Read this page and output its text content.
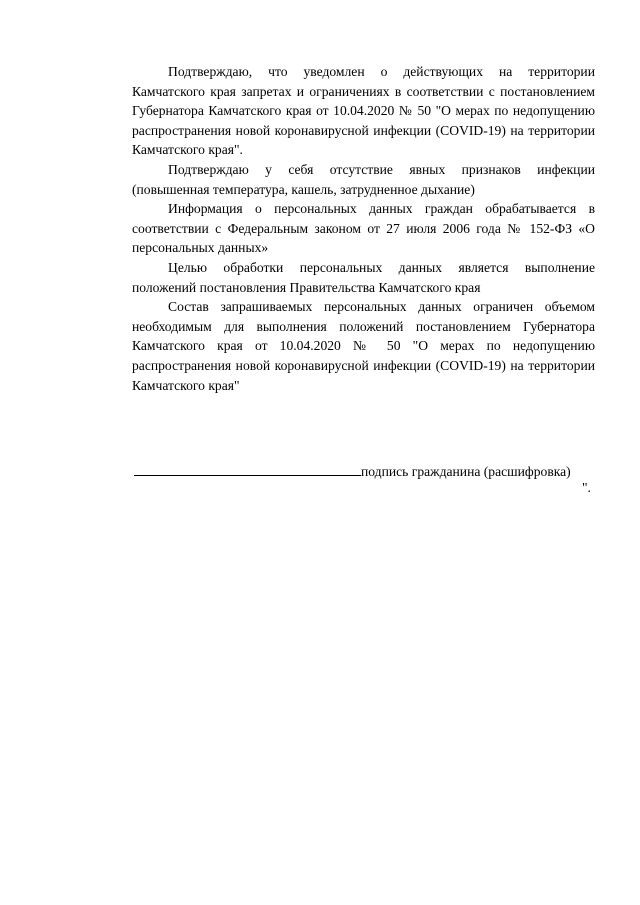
Подтверждаю, что уведомлен о действующих на территории Камчатского края запретах и ограничениях в соответствии с постановлением Губернатора Камчатского края от 10.04.2020 № 50 "О мерах по недопущению распространения новой коронавирусной инфекции (COVID-19) на территории Камчатского края".

Подтверждаю у себя отсутствие явных признаков инфекции (повышенная температура, кашель, затрудненное дыхание)

Информация о персональных данных граждан обрабатывается в соответствии с Федеральным законом от 27 июля 2006 года № 152-ФЗ «О персональных данных»

Целью обработки персональных данных является выполнение положений постановления Правительства Камчатского края

Состав запрашиваемых персональных данных ограничен объемом необходимым для выполнения положений постановлением Губернатора Камчатского края от 10.04.2020 № 50 "О мерах по недопущению распространения новой коронавирусной инфекции (COVID-19) на территории Камчатского края"

подпись гражданина (расшифровка)
".
